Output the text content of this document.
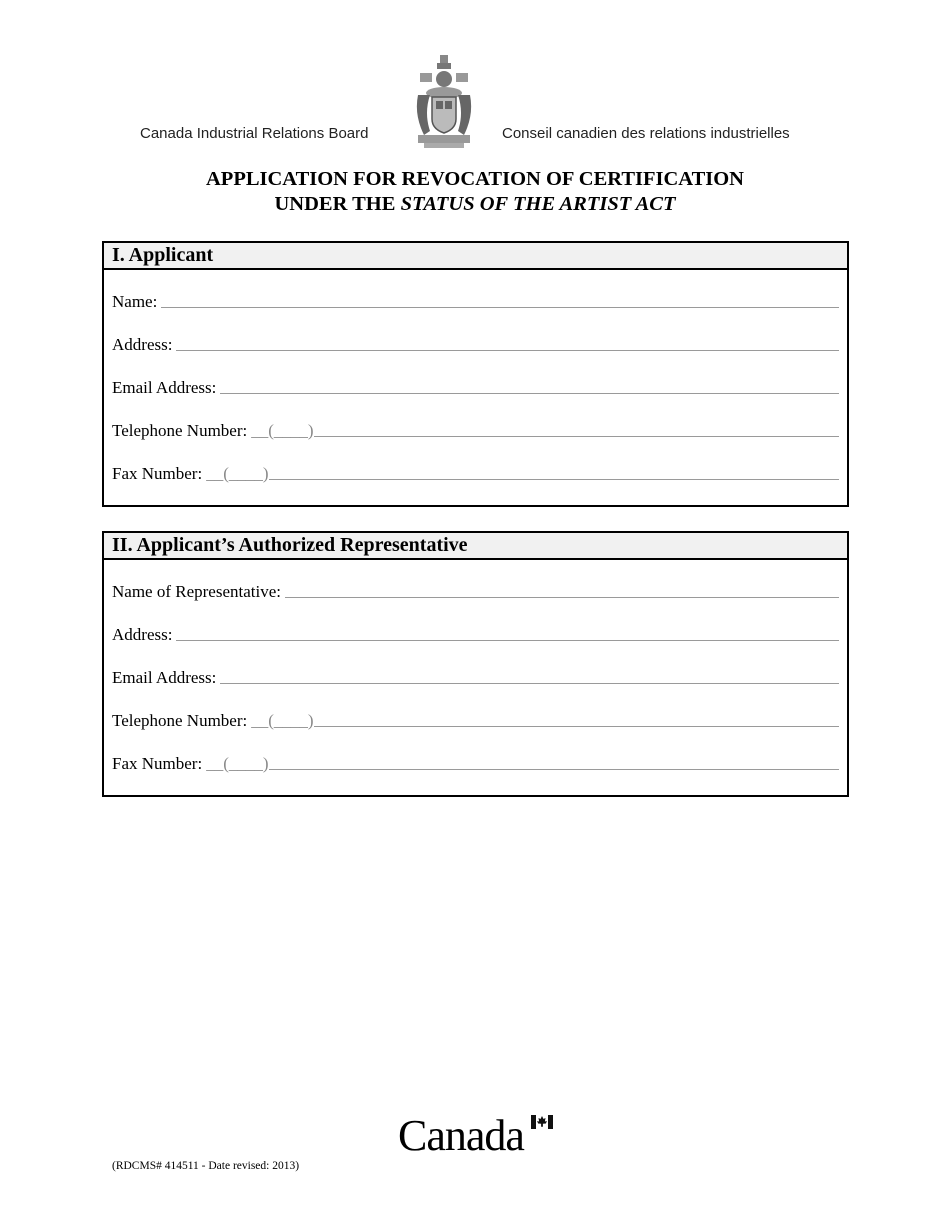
Canada Industrial Relations Board	Conseil canadien des relations industrielles
APPLICATION FOR REVOCATION OF CERTIFICATION
UNDER THE STATUS OF THE ARTIST ACT
I. Applicant
Name:
Address:
Email Address:
Telephone Number: __(____)
Fax Number: __(____)
II. Applicant’s Authorized Representative
Name of Representative:
Address:
Email Address:
Telephone Number: __(____)
Fax Number: __(____)
Canada
(RDCMS# 414511 - Date revised: 2013)
